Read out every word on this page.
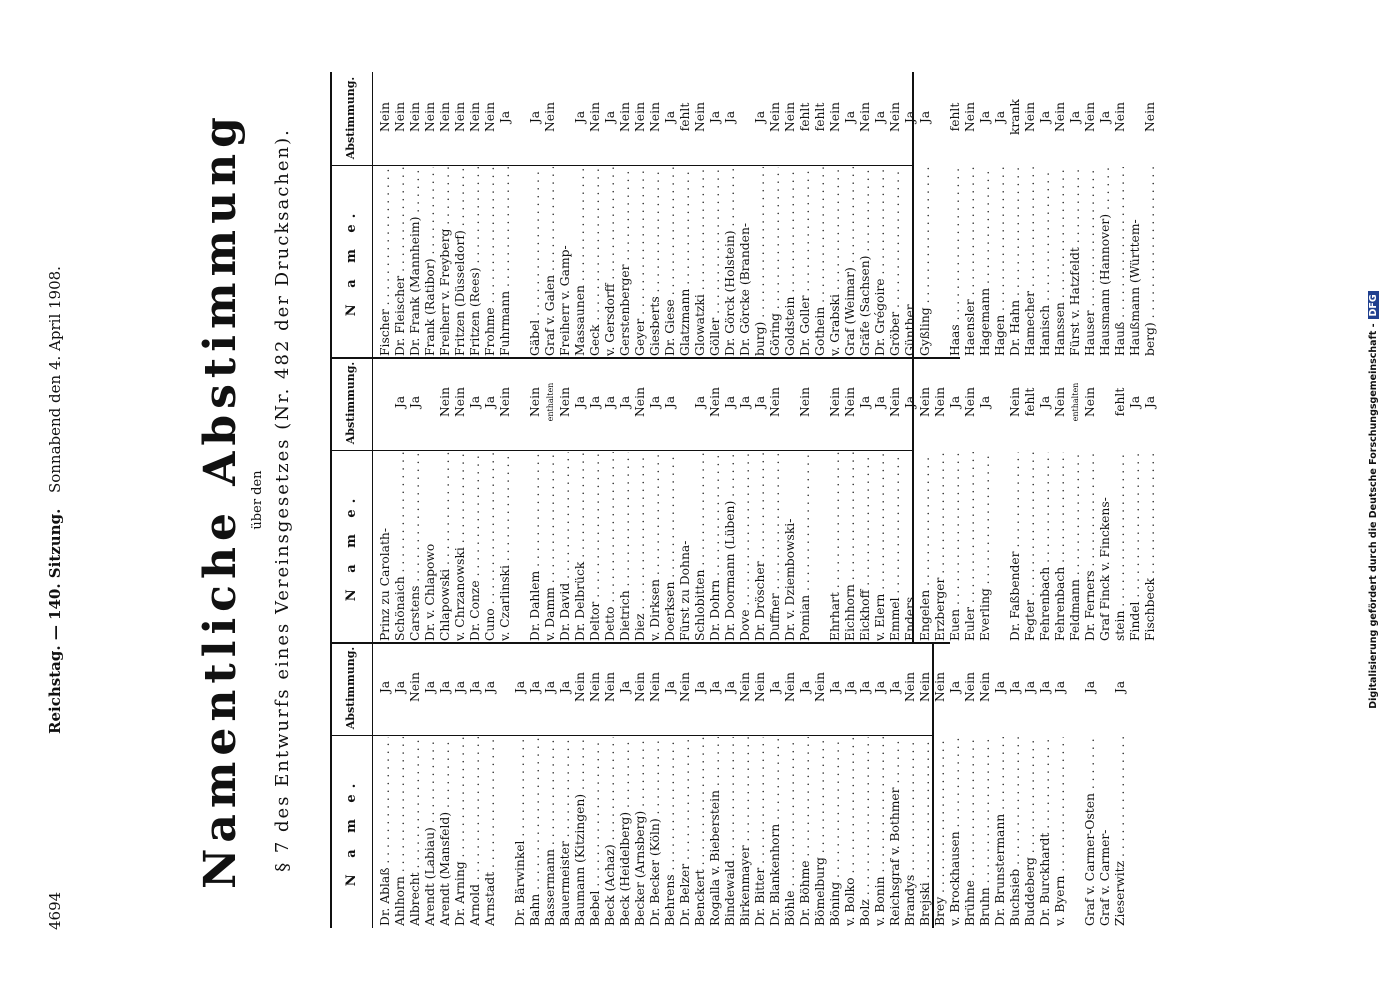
4694
Reichstag. — 140. Sitzung.   Sonnabend den 4. April 1908.	Namentliche Abstimmung über den § 7 des Entwurfs eines Vereinsgesetzes (Nr. 482 der Drucksachen).	N a m e.
Abstimmung.
Dr. Ablaß . . .
Ja
Ahlhorn . . .
Ja
Albrecht . . .
Nein
Arendt (Labiau) . . .
Ja
Arendt (Mansfeld) . . .
Ja
Dr. Arning . . .
Ja
Arnold . . .
Ja
Arnstadt . . .
Ja
Dr. Bärwinkel . . .
Ja
Bahn . . .
Ja
Bassermann . . .
Ja
Bauermeister . . .
Ja
Baumann (Kitzingen) . . .
Nein
Bebel . . .
Nein
Beck (Achaz) . . .
Nein
Beck (Heidelberg) . . .
Ja
Becker (Arnsberg) . . .
Nein
Dr. Becker (Köln) . . .
Nein
Behrens . . .
Ja
Dr. Belzer . . .
Nein
Benckert . . .
Ja
Rogalla v. Bieberstein . . .
Ja
Bindewald . . .
Ja
Birkenmayer . . .
Nein
Dr. Bitter . . .
Nein
Dr. Blankenhorn . . .
Ja
Böhle . . .
Nein
Dr. Böhme . . .
Ja
Bömelburg . . .
Nein
Böning . . .
Ja
v. Bolko . . .
Ja
Bolz . . .
Ja
v. Bonin . . .
Ja
Reichsgraf v. Bothmer . . .
Ja
Brandys . . .
Nein
Brejski . . .
Nein
Brey . . .
Nein
v. Brockhausen . . .
Ja
Brühne . . .
Nein
Bruhn . . .
Nein
Dr. Brunstermann . . .
Ja
Buchsieb . . .
Ja
Buddeberg . . .
Ja
Dr. Burckhardt . . .
Ja
v. Byern . . .
Ja
Graf v. Carmer-Osten . . .
Ja
Graf v. Carmer- Zieserwitz . . .
Ja
N a m e.
Abstimmung.
Prinz zu Carolath- Schönaich . . .
Ja
Carstens . . .
Ja
Dr. v. Chlapowo Chlapowski . . .
Nein
v. Chrzanowski . . .
Nein
Dr. Conze . . .
Ja
Cuno . . .
Ja
v. Czarlinski . . .
Nein
Dr. Dahlem . . .
Nein
v. Damm . . .
enthalten
Dr. David . . .
Nein
Dr. Delbrück . . .
Ja
Deltor . . .
Ja
Detto . . .
Ja
Dietrich . . .
Ja
Diez . . .
Nein
v. Dirksen . . .
Ja
Doerksen . . .
Ja
Fürst zu Dohna- Schlobitten . . .
Ja
Dr. Dohrn . . .
Nein
Dr. Doormann (Lüben) . . .
Ja
Dove . . .
Ja
Dr. Dröscher . . .
Ja
Duffner . . .
Nein
Dr. v. Dziembowski- Pomian . . .
Nein
Ehrhart . . .
Nein
Eichhorn . . .
Nein
Eickhoff . . .
Ja
v. Elern . . .
Ja
Emmel . . .
Nein
Enders . . .
Ja
Engelen . . .
Nein
Erzberger . . .
Nein
Euen . . .
Ja
Euler . . .
Nein
Everling . . .
Ja
Dr. Faßbender . . .
Nein
Fegter . . .
fehlt
Fehrenbach . . .
Ja
Fehrenbach . . .
Nein
Feldmann . . .
enthalten
Dr. Ferners . . .
Nein
Graf Finck v. Finckens- stein . . .
fehlt
Findel . . .
Ja
Fischbeck . . .
Ja
N a m e.
Abstimmung.
Fischer . . .
Nein
Dr. Fleischer . . .
Nein
Dr. Frank (Mannheim) . . .
Nein
Frank (Ratibor) . . .
Nein
Freiherr v. Freyberg . . .
Nein
Fritzen (Düsseldorf) . . .
Nein
Fritzen (Rees) . . .
Nein
Frohme . . .
Nein
Fuhrmann . . .
Ja
Gäbel . . .
Ja
Graf v. Galen . . .
Nein
Freiherr v. Gamp- Massaunen . . .
Ja
Geck . . .
Nein
v. Gersdorff . . .
Ja
Gerstenberger . . .
Nein
Geyer . . .
Nein
Giesberts . . .
Nein
Dr. Giese . . .
Ja
Glatzmann . . .
fehlt
Glowatzki . . .
Nein
Göller . . .
Ja
Dr. Görck (Holstein) . . .
Ja
Dr. Görcke (Branden- burg) . . .
Ja
Göring . . .
Nein
Goldstein . . .
Nein
Dr. Goller . . .
fehlt
Gothein . . .
fehlt
v. Grabski . . .
Nein
Graf (Weimar) . . .
Ja
Gräfe (Sachsen) . . .
Nein
Dr. Grégoire . . .
Ja
Gröber . . .
Nein
Günther . . .
Ja
Gyßling . . .
Ja
Haas . . .
fehlt
Haensler . . .
Nein
Hagemann . . .
Ja
Hagen . . .
Ja
Dr. Hahn . . .
krank
Hamecher . . .
Nein
Hanisch . . .
Ja
Hanssen . . .
Nein
Fürst v. Hatzfeldt . . .
Ja
Hauser . . .
Nein
Hausmann (Hannover) . . .
Ja
Hauß . . .
Nein
Haußmann (Württem- berg) . . .
Nein
Digitalisierung gefördert durch die Deutsche Forschungsgemeinschaft -DFG
